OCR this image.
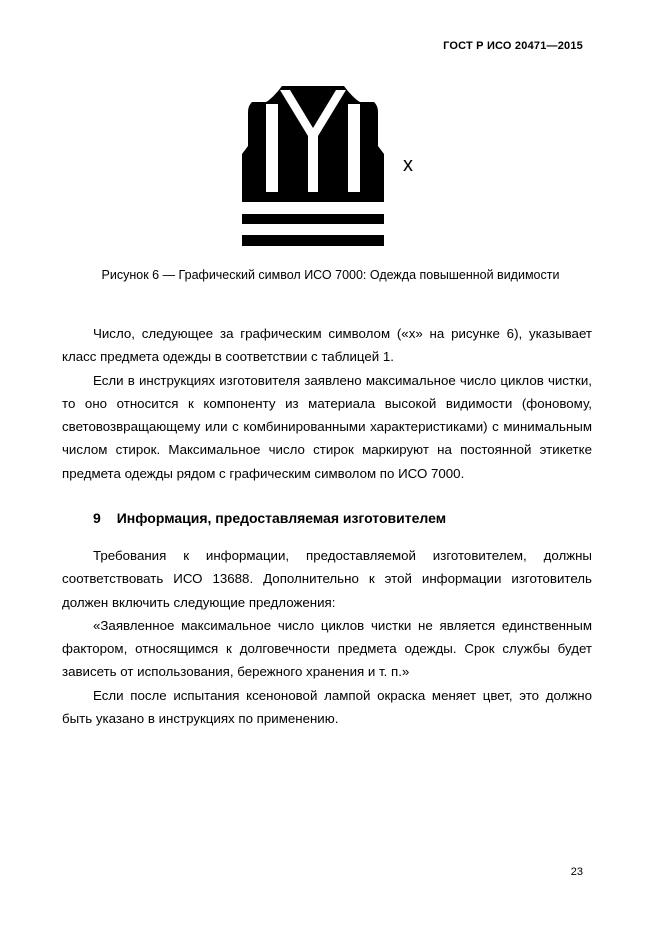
ГОСТ Р ИСО 20471—2015
x
Рисунок 6 — Графический символ ИСО 7000: Одежда повышенной видимости

Число, следующее за графическим символом («х» на рисунке 6), указывает класс предмета одежды в соответствии с таблицей 1.

Если в инструкциях изготовителя заявлено максимальное число циклов чистки, то оно относится к компоненту из материала высокой видимости (фоновому, световозвращающему или с комбинированными характеристиками) с минимальным числом стирок. Максимальное число стирок маркируют на постоянной этикетке предмета одежды рядом с графическим символом по ИСО 7000.

9 Информация, предоставляемая изготовителем

Требования к информации, предоставляемой изготовителем, должны соответствовать ИСО 13688. Дополнительно к этой информации изготовитель должен включить следующие предложения:

«Заявленное максимальное число циклов чистки не является единственным фактором, относящимся к долговечности предмета одежды. Срок службы будет зависеть от использования, бережного хранения и т. п.»

Если после испытания ксеноновой лампой окраска меняет цвет, это должно быть указано в инструкциях по применению.

23
